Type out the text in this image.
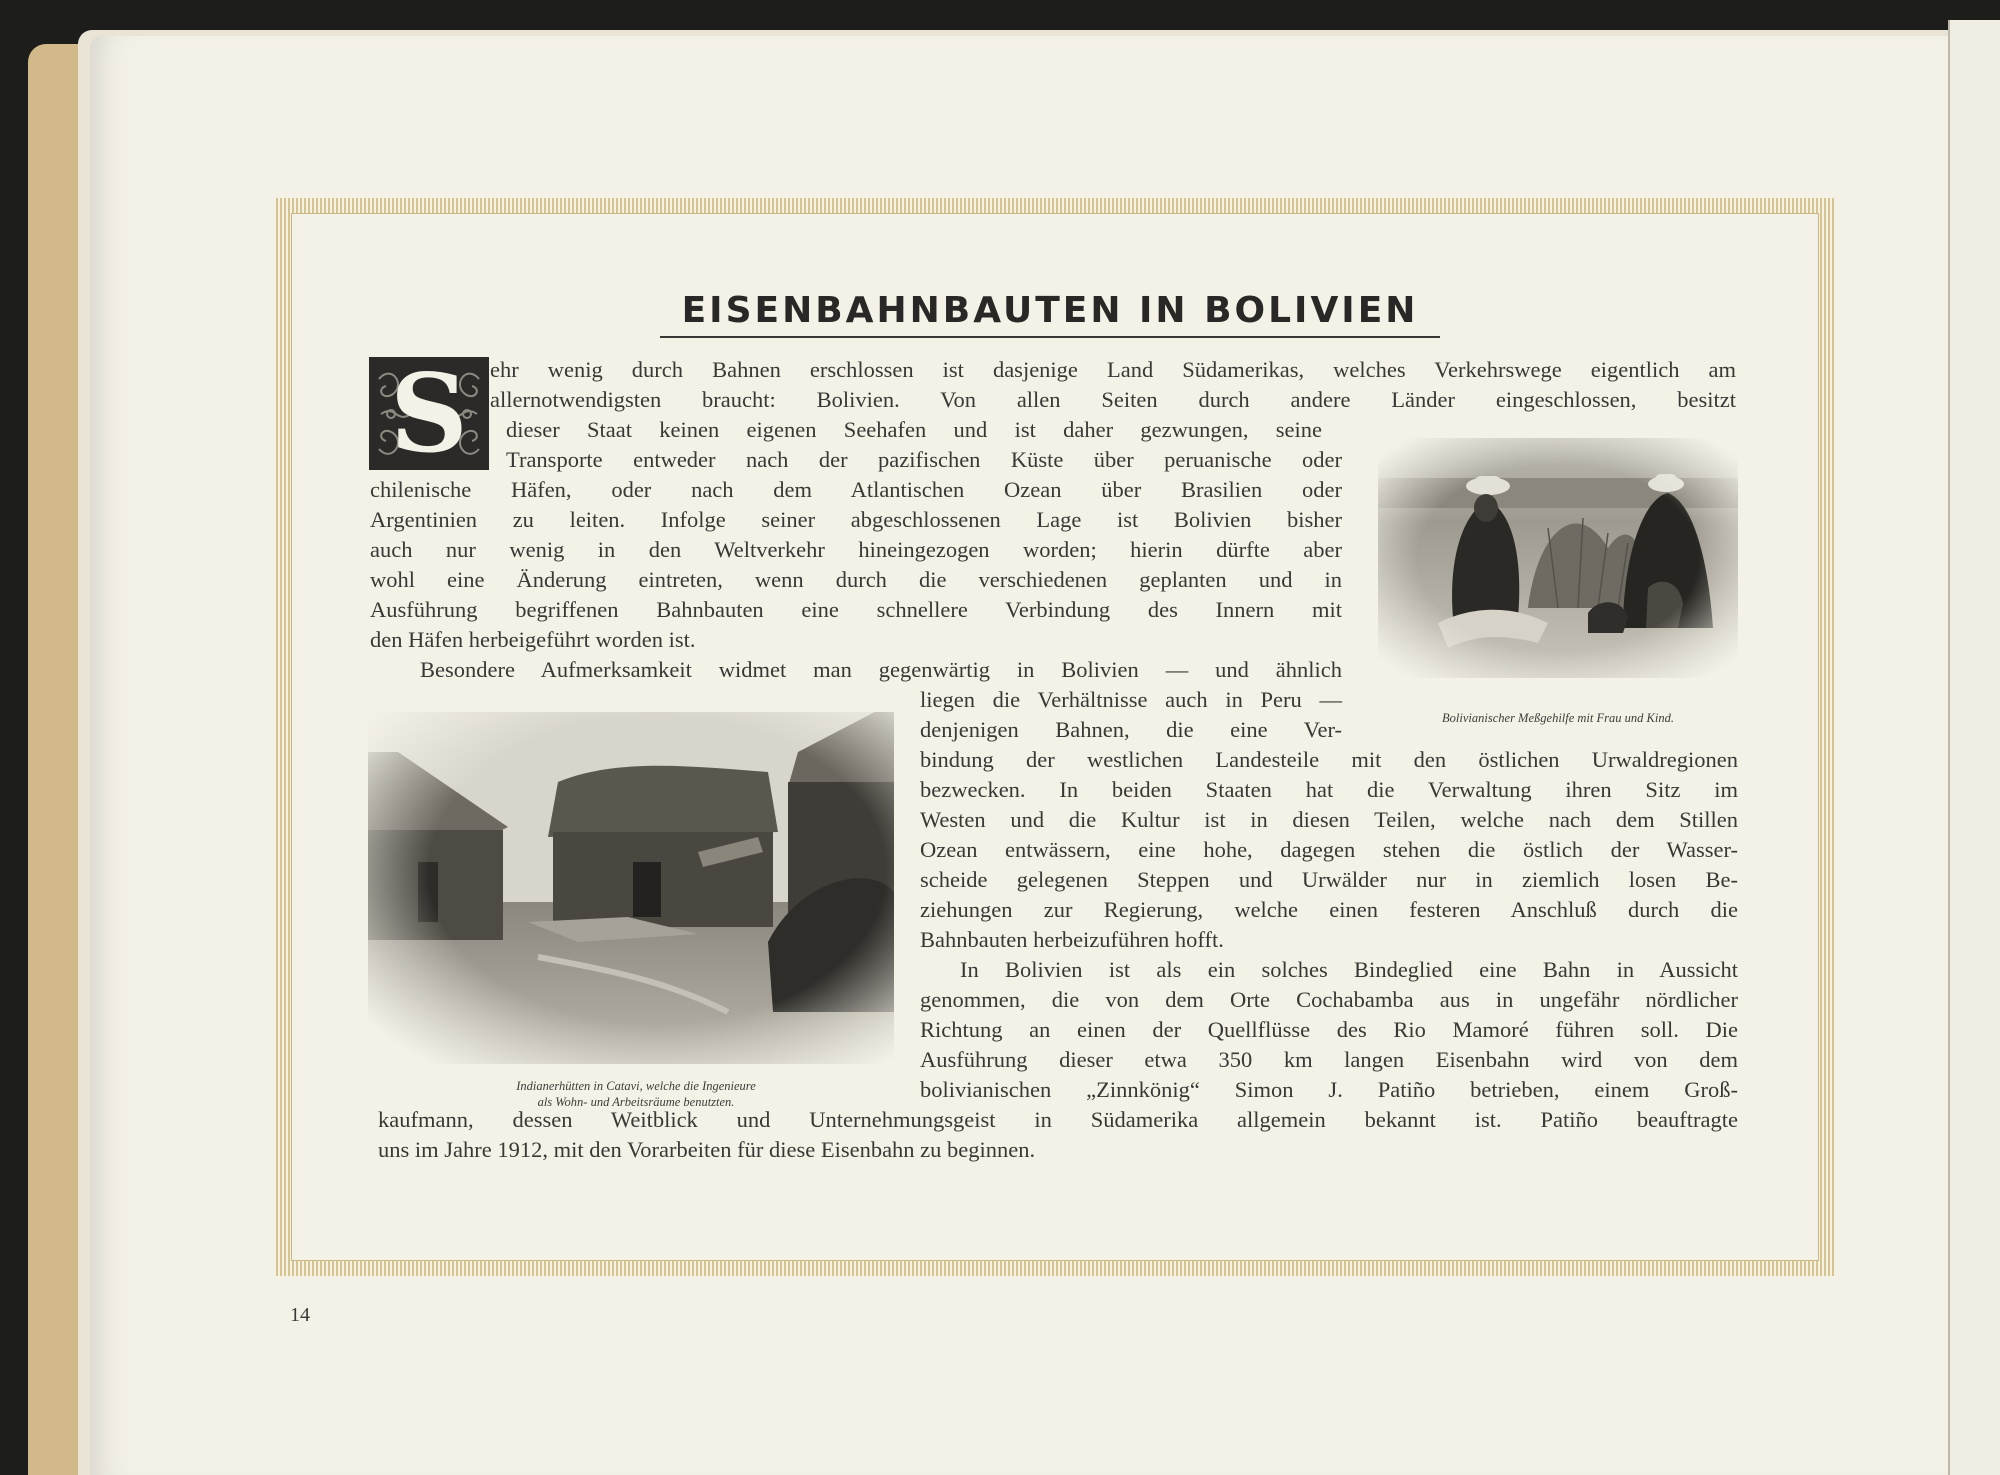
EISENBAHNBAUTEN IN BOLIVIEN
S ehr wenig durch Bahnen erschlossen ist dasjenige Land Südamerikas, welches Verkehrswege eigentlich am

allernotwendigsten braucht: Bolivien. Von allen Seiten durch andere Länder eingeschlossen, besitzt

dieser Staat keinen eigenen Seehafen und ist daher gezwungen, seine

Transporte entweder nach der pazifischen Küste über peruanische oder

chilenische Häfen, oder nach dem Atlantischen Ozean über Brasilien oder

Argentinien zu leiten. Infolge seiner abgeschlossenen Lage ist Bolivien bisher

auch nur wenig in den Weltverkehr hineingezogen worden; hierin dürfte aber

wohl eine Änderung eintreten, wenn durch die verschiedenen geplanten und in

Ausführung begriffenen Bahnbauten eine schnellere Verbindung des Innern mit

den Häfen herbeigeführt worden ist.

Besondere Aufmerksamkeit widmet man gegenwärtig in Bolivien — und ähnlich

liegen die Verhältnisse auch in Peru —

denjenigen Bahnen, die eine Ver-

bindung der westlichen Landesteile mit den östlichen Urwaldregionen

bezwecken. In beiden Staaten hat die Verwaltung ihren Sitz im

Westen und die Kultur ist in diesen Teilen, welche nach dem Stillen

Ozean entwässern, eine hohe, dagegen stehen die östlich der Wasser-

scheide gelegenen Steppen und Urwälder nur in ziemlich losen Be-

ziehungen zur Regierung, welche einen festeren Anschluß durch die

Bahnbauten herbeizuführen hofft.

In Bolivien ist als ein solches Bindeglied eine Bahn in Aussicht

genommen, die von dem Orte Cochabamba aus in ungefähr nördlicher

Richtung an einen der Quellflüsse des Rio Mamoré führen soll. Die

Ausführung dieser etwa 350 km langen Eisenbahn wird von dem

bolivianischen „Zinnkönig“ Simon J. Patiño betrieben, einem Groß-

kaufmann, dessen Weitblick und Unternehmungsgeist in Südamerika allgemein bekannt ist. Patiño beauftragte

uns im Jahre 1912, mit den Vorarbeiten für diese Eisenbahn zu beginnen.

Bolivianischer Meßgehilfe mit Frau und Kind.

Indianerhütten in Catavi, welche die Ingenieure

als Wohn- und Arbeitsräume benutzten.

14
